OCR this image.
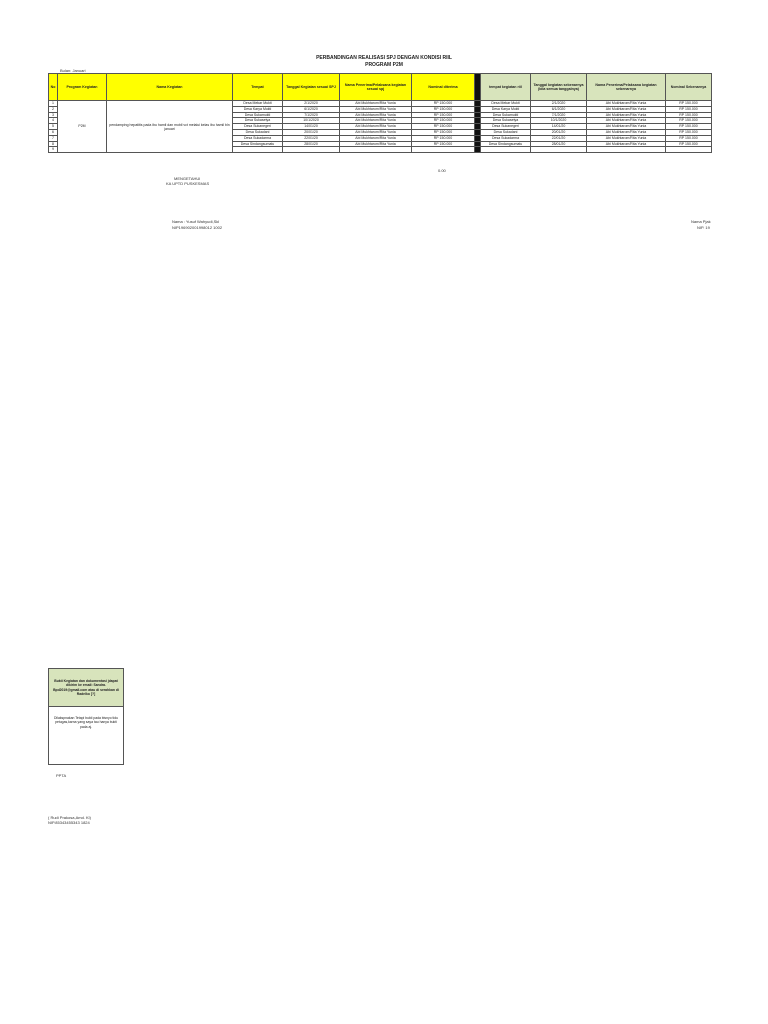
PERBANDINGAN REALISASI SPJ DENGAN KONDISI RIIL
PROGRAM P2M
Bulan: Januari
No	Program Kegiatan	Nama Kegiatan	Tempat	Tanggal Kegiatan sesuai SPJ	Nama Penerima/Pelaksana kegiatan sesuai spj	Nominal diterima		tempat kegiatan riil	Tanggal kegiatan sebenarnya (bila semua tanggalnya)	Nama Penerima/Pelaksana kegiatan sebenarnya	Nominal Sebenarnya
1	P2M	pendamping hepatitis pada ibu hamil dan mobil vct melalui kelas ibu hamil bln januari	Desa Mekar Mukti	2/1/2020	Abi Mukhtarom/Rita Yunia	RP 150.000		Desa Mekar Mukti	2/1/2020	Abi Mukhtarom/Rita Yunia	RP 150.000
2			Desa Karya Mukti	6/1/2020	Abi Mukhtarom/Rita Yunia	RP 150.000		Desa Karya Mukti	6/1/2020	Abi Mukhtarom/Rita Yunia	RP 150.000
3			Desa Sukamukti	7/1/2020	Abi Mukhtarom/Rita Yunia	RP 150.000		Desa Sukamukti	7/1/2020	Abi Mukhtarom/Rita Yunia	RP 150.000
4			Desa Sukasetya	10/1/2020	Abi Mukhtarom/Rita Yunia	RP 150.000		Desa Sukasetya	10/1/2020	Abi Mukhtarom/Rita Yunia	RP 150.000
5			Desa Sukanegeri	14/01/20	Abi Mukhtarom/Rita Yunia	RP 150.000		Desa Sukanegeri	14/01/20	Abi Mukhtarom/Rita Yunia	RP 150.000
6			Desa Sukadani	20/01/20	Abi Mukhtarom/Rita Yunia	RP 150.000		Desa Sukadani	20/01/20	Abi Mukhtarom/Rita Yunia	RP 150.000
7			Desa Sukadarma	22/01/20	Abi Mukhtarom/Rita Yunia	RP 150.000		Desa Sukadarma	22/01/20	Abi Mukhtarom/Rita Yunia	RP 150.000
8			Desa Sindangsumatu	28/01/20	Abi Mukhtarom/Rita Yunia	RP 150.000		Desa Sindangsumatu	28/01/20	Abi Mukhtarom/Rita Yunia	RP 150.000
9											
0.00
MENGETAHUI
KA UPTD PUSKESMAS
Nama : Yusuf Wahyudi,Skl
NIP196902001998012 1002
Nama Pjak
NIP. 19
Bukti Kegiatan dan dokumentasi jdapat dikirim ke email: Sandra. Bpd2019@gmail.com atau di serahkan di Radelko [?]
Dilakspnakan Tetapi bukti pada bisnyo tidu petugas,karna yang saya tau hanya bukti pada aj.
PPTA
( Rudi Prakosa,Amd. Kl)
NIP.85343455343 1824
